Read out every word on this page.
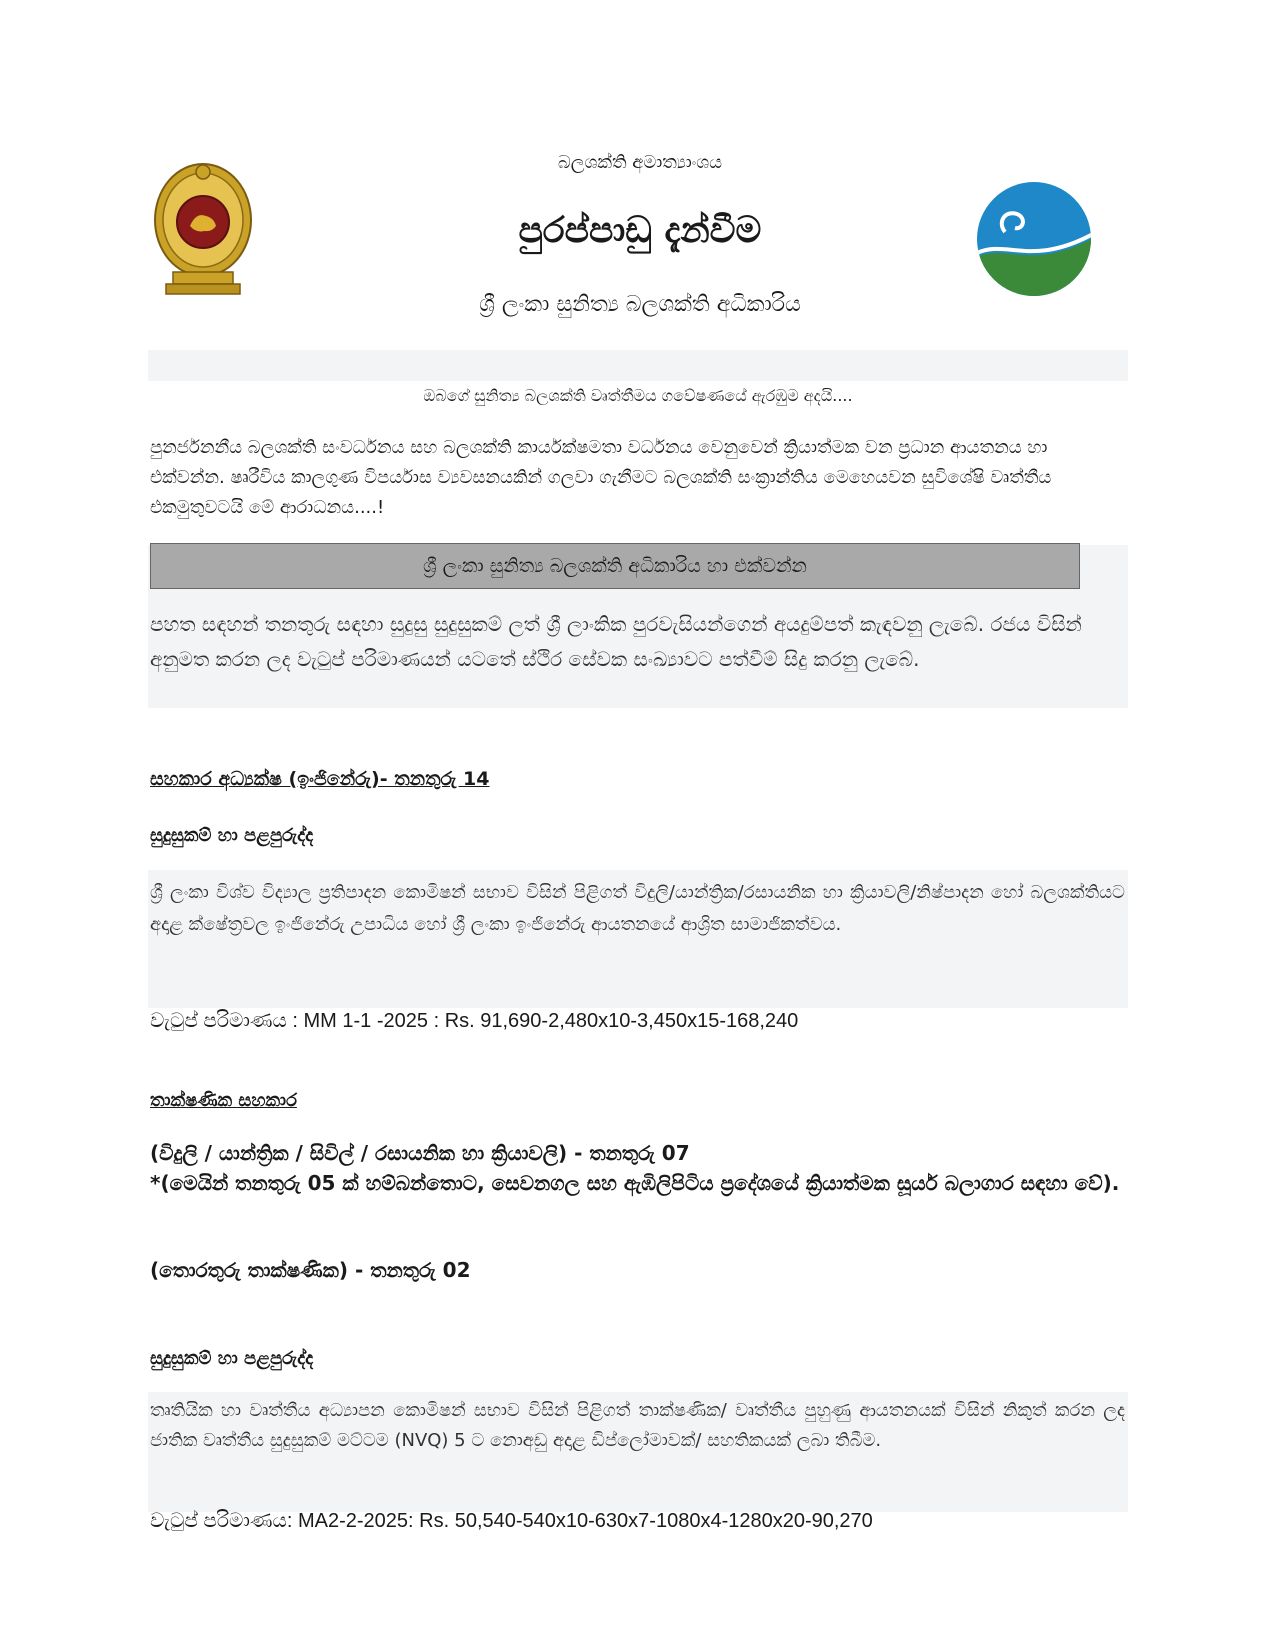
බලශක්ති අමාත්‍යාංශය
පුරප්පාඩු දැන්වීම
ශ්‍රී ලංකා සුනිත්‍ය බලශක්ති අධිකාරිය
ඔබගේ සුනිත්‍ය බලශක්ති වෘත්තීමය ගවේෂණයේ ඇරඹුම අදයි....
පුනර්ජනනීය බලශක්ති සංවර්ධනය සහ බලශක්ති කාර්යක්ෂමතා වර්ධනය වෙනුවෙන් ක්‍රියාත්මක වන ප්‍රධාන ආයතනය හා එක්වන්න. ෂෘරීවිය කාලගුණ විපර්යාස ව්‍යවසනයකින් ගලවා ගැනීමට බලශක්ති සංක්‍රාන්තිය මෙහෙයවන සුවිශේෂි වෘත්තීය එකමුතුවටයි මේ ආරාධනය....!
ශ්‍රී ලංකා සුනිත්‍ය බලශක්ති අධිකාරිය හා එක්වන්න
පහත සඳහන් තනතුරු සඳහා සුදුසු සුදුසුකම් ලත් ශ්‍රී ලාංකික පුරවැසියන්ගෙන් අයදුම්පත් කැඳවනු ලැබේ. රජය විසින් අනුමත කරන ලද වැටුප් පරිමාණයන් යටතේ ස්ථිර සේවක සංඛ්‍යාවට පත්වීම් සිදු කරනු ලැබේ.
සහකාර අධ්‍යක්ෂ (ඉංජිනේරු)- තනතුරු 14
සුදුසුකම් හා පළපුරුද්ද
ශ්‍රී ලංකා විශ්ව විද්‍යාල ප්‍රතිපාදන කොමිෂන් සභාව විසින් පිළිගත් විදුලි/යාන්ත්‍රික/රසායනික හා ක්‍රියාවලි/නිෂ්පාදන හෝ බලශක්තියට අදාළ ක්ෂේත්‍රවල ඉංජිනේරු උපාධිය හෝ ශ්‍රී ලංකා ඉංජිනේරු ආයතනයේ ආශ්‍රිත සාමාජිකත්වය.
වැටුප් පරිමාණය : MM 1-1 -2025 : Rs. 91,690-2,480x10-3,450x15-168,240
තාක්ෂණික සහකාර
(විදුලි / යාන්ත්‍රික / සිවිල් / රසායනික හා ක්‍රියාවලි) - තනතුරු 07
*(මෙයින් තනතුරු 05 ක් හම්බන්තොට, සෙවනගල සහ ඇඹිලිපිටිය ප්‍රදේශයේ ක්‍රියාත්මක සූර්ය බලාගාර සඳහා වේ).
(තොරතුරු තාක්ෂණික) - තනතුරු 02
සුදුසුකම් හා පළපුරුද්ද
තෘතියික හා වෘත්තීය අධ්‍යාපන කොමිෂන් සභාව විසින් පිළිගත් තාක්ෂණික/ වෘත්තීය පුහුණු ආයතනයක් විසින් නිකුත් කරන ලද ජාතික වෘත්තීය සුදුසුකම් මට්ටම (NVQ) 5 ට නොඅඩු අදාළ ඩිප්ලෝමාවක්/ සහතිකයක් ලබා තිබීම.
වැටුප් පරිමාණය: MA2-2-2025: Rs. 50,540-540x10-630x7-1080x4-1280x20-90,270
